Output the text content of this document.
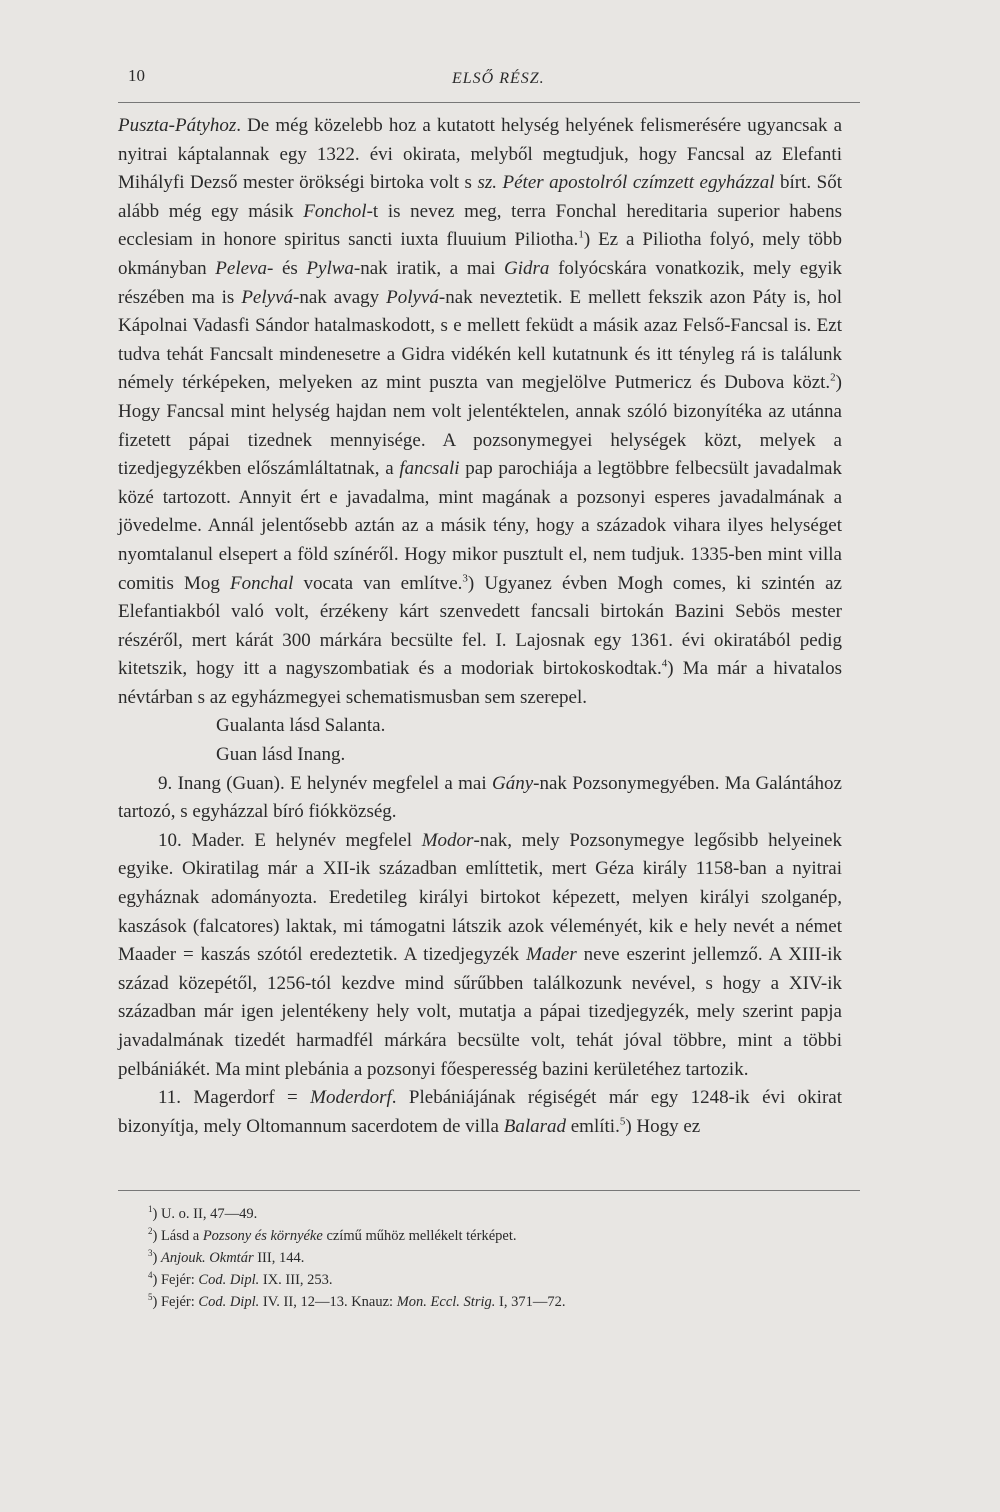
10	ELSŐ RÉSZ.

Puszta-Pátyhoz. De még közelebb hoz a kutatott helység helyének felismerésére ugyancsak a nyitrai káptalannak egy 1322. évi okirata, melyből megtudjuk, hogy Fancsal az Elefanti Mihályfi Dezső mester örökségi birtoka volt s sz. Péter apostolról czímzett egyházzal bírt. Sőt alább még egy másik Fonchol-t is nevez meg, terra Fonchal hereditaria superior habens ecclesiam in honore spiritus sancti iuxta fluuium Piliotha.$^1$) Ez a Piliotha folyó, mely több okmányban Peleva- és Pylwa-nak iratik, a mai Gidra folyócskára vonatkozik, mely egyik részében ma is Pelyvá-nak avagy Polyvá-nak neveztetik. E mellett fekszik azon Páty is, hol Kápolnai Vadasfi Sándor hatalmaskodott, s e mellett feküdt a másik azaz Felső-Fancsal is. Ezt tudva tehát Fancsalt mindenesetre a Gidra vidékén kell kutatnunk és itt tényleg rá is találunk némely térképeken, melyeken az mint puszta van megjelölve Putmericz és Dubova közt.$^2$) Hogy Fancsal mint helység hajdan nem volt jelentéktelen, annak szóló bizonyítéka az utánna fizetett pápai tizednek mennyisége. A pozsonymegyei helységek közt, melyek a tizedjegyzékben előszámláltatnak, a fancsali pap parochiája a legtöbbre felbecsült javadalmak közé tartozott. Annyit ért e javadalma, mint magának a pozsonyi esperes javadalmának a jövedelme. Annál jelentősebb aztán az a másik tény, hogy a századok vihara ilyes helységet nyomtalanul elsepert a föld színéről. Hogy mikor pusztult el, nem tudjuk. 1335-ben mint villa comitis Mog Fonchal vocata van említve.$^3$) Ugyanez évben Mogh comes, ki szintén az Elefantiakból való volt, érzékeny kárt szenvedett fancsali birtokán Bazini Sebös mester részéről, mert kárát 300 márkára becsülte fel. I. Lajosnak egy 1361. évi okiratából pedig kitetszik, hogy itt a nagyszombatiak és a modoriak birtokoskodtak.$^4$) Ma már a hivatalos névtárban s az egyházmegyei schematismusban sem szerepel.

Gualanta lásd Salanta.

Guan lásd Inang.

9. Inang (Guan). E helynév megfelel a mai Gány-nak Pozsonymegyében. Ma Galántához tartozó, s egyházzal bíró fiókközség.

10. Mader. E helynév megfelel Modor-nak, mely Pozsonymegye legősibb helyeinek egyike. Okiratilag már a XII-ik században említtetik, mert Géza király 1158-ban a nyitrai egyháznak adományozta. Eredetileg királyi birtokot képezett, melyen királyi szolganép, kaszások (falcatores) laktak, mi támogatni látszik azok véleményét, kik e hely nevét a német Maader = kaszás szótól eredeztetik. A tizedjegyzék Mader neve eszerint jellemző. A XIII-ik század közepétől, 1256-tól kezdve mind sűrűbben találkozunk nevével, s hogy a XIV-ik században már igen jelentékeny hely volt, mutatja a pápai tizedjegyzék, mely szerint papja javadalmának tizedét harmadfél márkára becsülte volt, tehát jóval többre, mint a többi pelbániákét. Ma mint plebánia a pozsonyi főesperesség bazini kerületéhez tartozik.

11. Magerdorf = Moderdorf. Plebániájának régiségét már egy 1248-ik évi okirat bizonyítja, mely Oltomannum sacerdotem de villa Balarad említi.$^5$) Hogy ez

$^1$) U. o. II, 47—49.
$^2$) Lásd a Pozsony és környéke czímű műhöz mellékelt térképet.
$^3$) Anjouk. Okmtár III, 144.
$^4$) Fejér: Cod. Dipl. IX. III, 253.
$^5$) Fejér: Cod. Dipl. IV. II, 12—13. Knauz: Mon. Eccl. Strig. I, 371—72.
